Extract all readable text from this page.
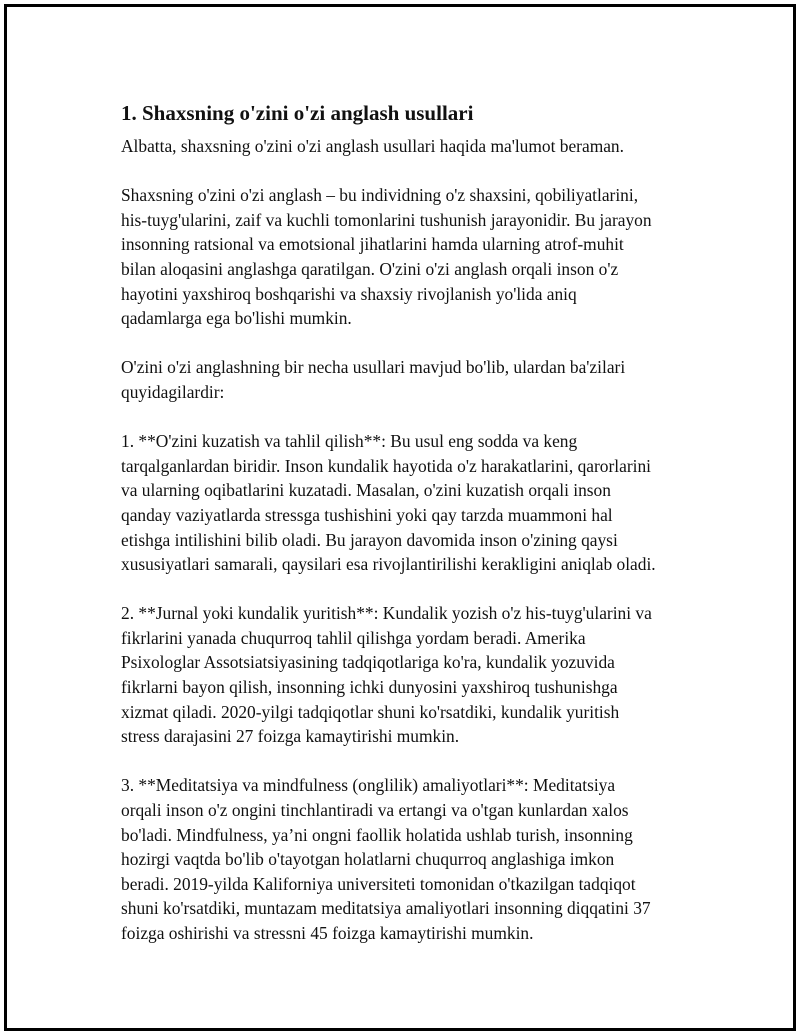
1. Shaxsning o'zini o'zi anglash usullari
Albatta, shaxsning o'zini o'zi anglash usullari haqida ma'lumot beraman.
Shaxsning o'zini o'zi anglash – bu individning o'z shaxsini, qobiliyatlarini,
his-tuyg'ularini, zaif va kuchli tomonlarini tushunish jarayonidir. Bu jarayon
insonning ratsional va emotsional jihatlarini hamda ularning atrof-muhit
bilan aloqasini anglashga qaratilgan. O'zini o'zi anglash orqali inson o'z
hayotini yaxshiroq boshqarishi va shaxsiy rivojlanish yo'lida aniq
qadamlarga ega bo'lishi mumkin.
O'zini o'zi anglashning bir necha usullari mavjud bo'lib, ulardan ba'zilari
quyidagilardir:
1. **O'zini kuzatish va tahlil qilish**: Bu usul eng sodda va keng
tarqalganlardan biridir. Inson kundalik hayotida o'z harakatlarini, qarorlarini
va ularning oqibatlarini kuzatadi. Masalan, o'zini kuzatish orqali inson
qanday vaziyatlarda stressga tushishini yoki qay tarzda muammoni hal
etishga intilishini bilib oladi. Bu jarayon davomida inson o'zining qaysi
xususiyatlari samarali, qaysilari esa rivojlantirilishi kerakligini aniqlab oladi.
2. **Jurnal yoki kundalik yuritish**: Kundalik yozish o'z his-tuyg'ularini va
fikrlarini yanada chuqurroq tahlil qilishga yordam beradi. Amerika
Psixologlar Assotsiatsiyasining tadqiqotlariga ko'ra, kundalik yozuvida
fikrlarni bayon qilish, insonning ichki dunyosini yaxshiroq tushunishga
xizmat qiladi. 2020-yilgi tadqiqotlar shuni ko'rsatdiki, kundalik yuritish
stress darajasini 27 foizga kamaytirishi mumkin.
3. **Meditatsiya va mindfulness (onglilik) amaliyotlari**: Meditatsiya
orqali inson o'z ongini tinchlantiradi va ertangi va o'tgan kunlardan xalos
bo'ladi. Mindfulness, ya’ni ongni faollik holatida ushlab turish, insonning
hozirgi vaqtda bo'lib o'tayotgan holatlarni chuqurroq anglashiga imkon
beradi. 2019-yilda Kaliforniya universiteti tomonidan o'tkazilgan tadqiqot
shuni ko'rsatdiki, muntazam meditatsiya amaliyotlari insonning diqqatini 37
foizga oshirishi va stressni 45 foizga kamaytirishi mumkin.
